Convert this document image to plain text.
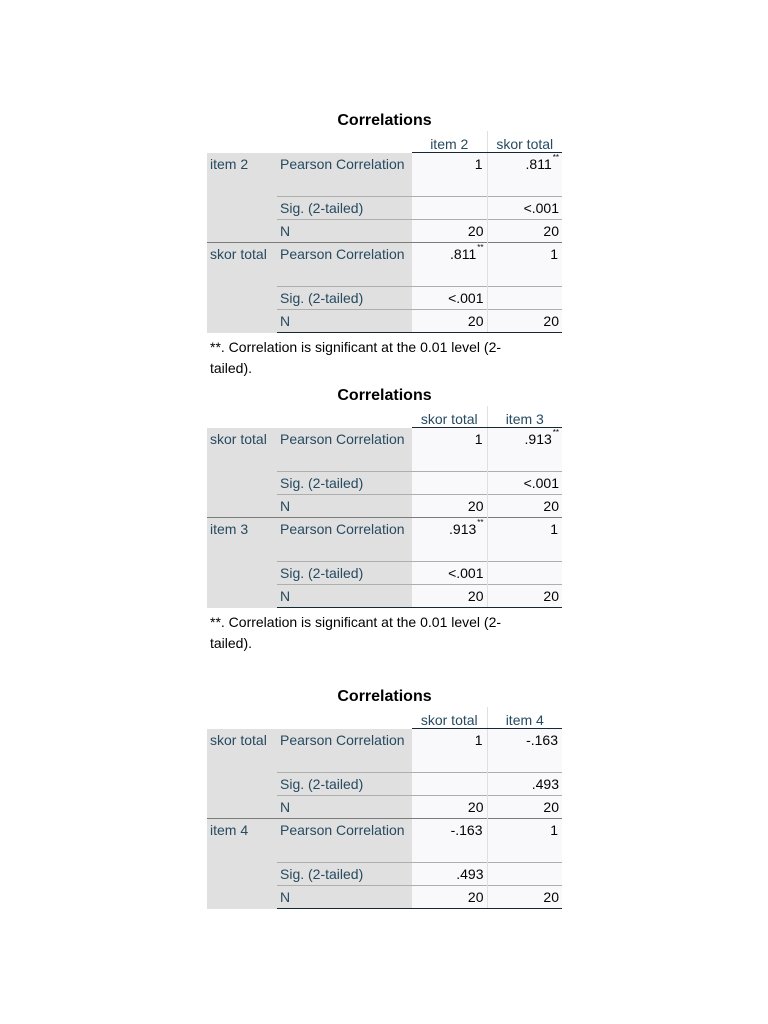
Correlations
		item 2	skor total
item 2	Pearson Correlation	1	.811**
	Sig. (2-tailed)		<.001
	N	20	20
skor total	Pearson Correlation	.811**	1
	Sig. (2-tailed)	<.001	
	N	20	20
**. Correlation is significant at the 0.01 level (2-tailed).
Correlations
		skor total	item 3
skor total	Pearson Correlation	1	.913**
	Sig. (2-tailed)		<.001
	N	20	20
item 3	Pearson Correlation	.913**	1
	Sig. (2-tailed)	<.001	
	N	20	20
**. Correlation is significant at the 0.01 level (2-tailed).
Correlations
		skor total	item 4
skor total	Pearson Correlation	1	-.163
	Sig. (2-tailed)		.493
	N	20	20
item 4	Pearson Correlation	-.163	1
	Sig. (2-tailed)	.493	
	N	20	20
